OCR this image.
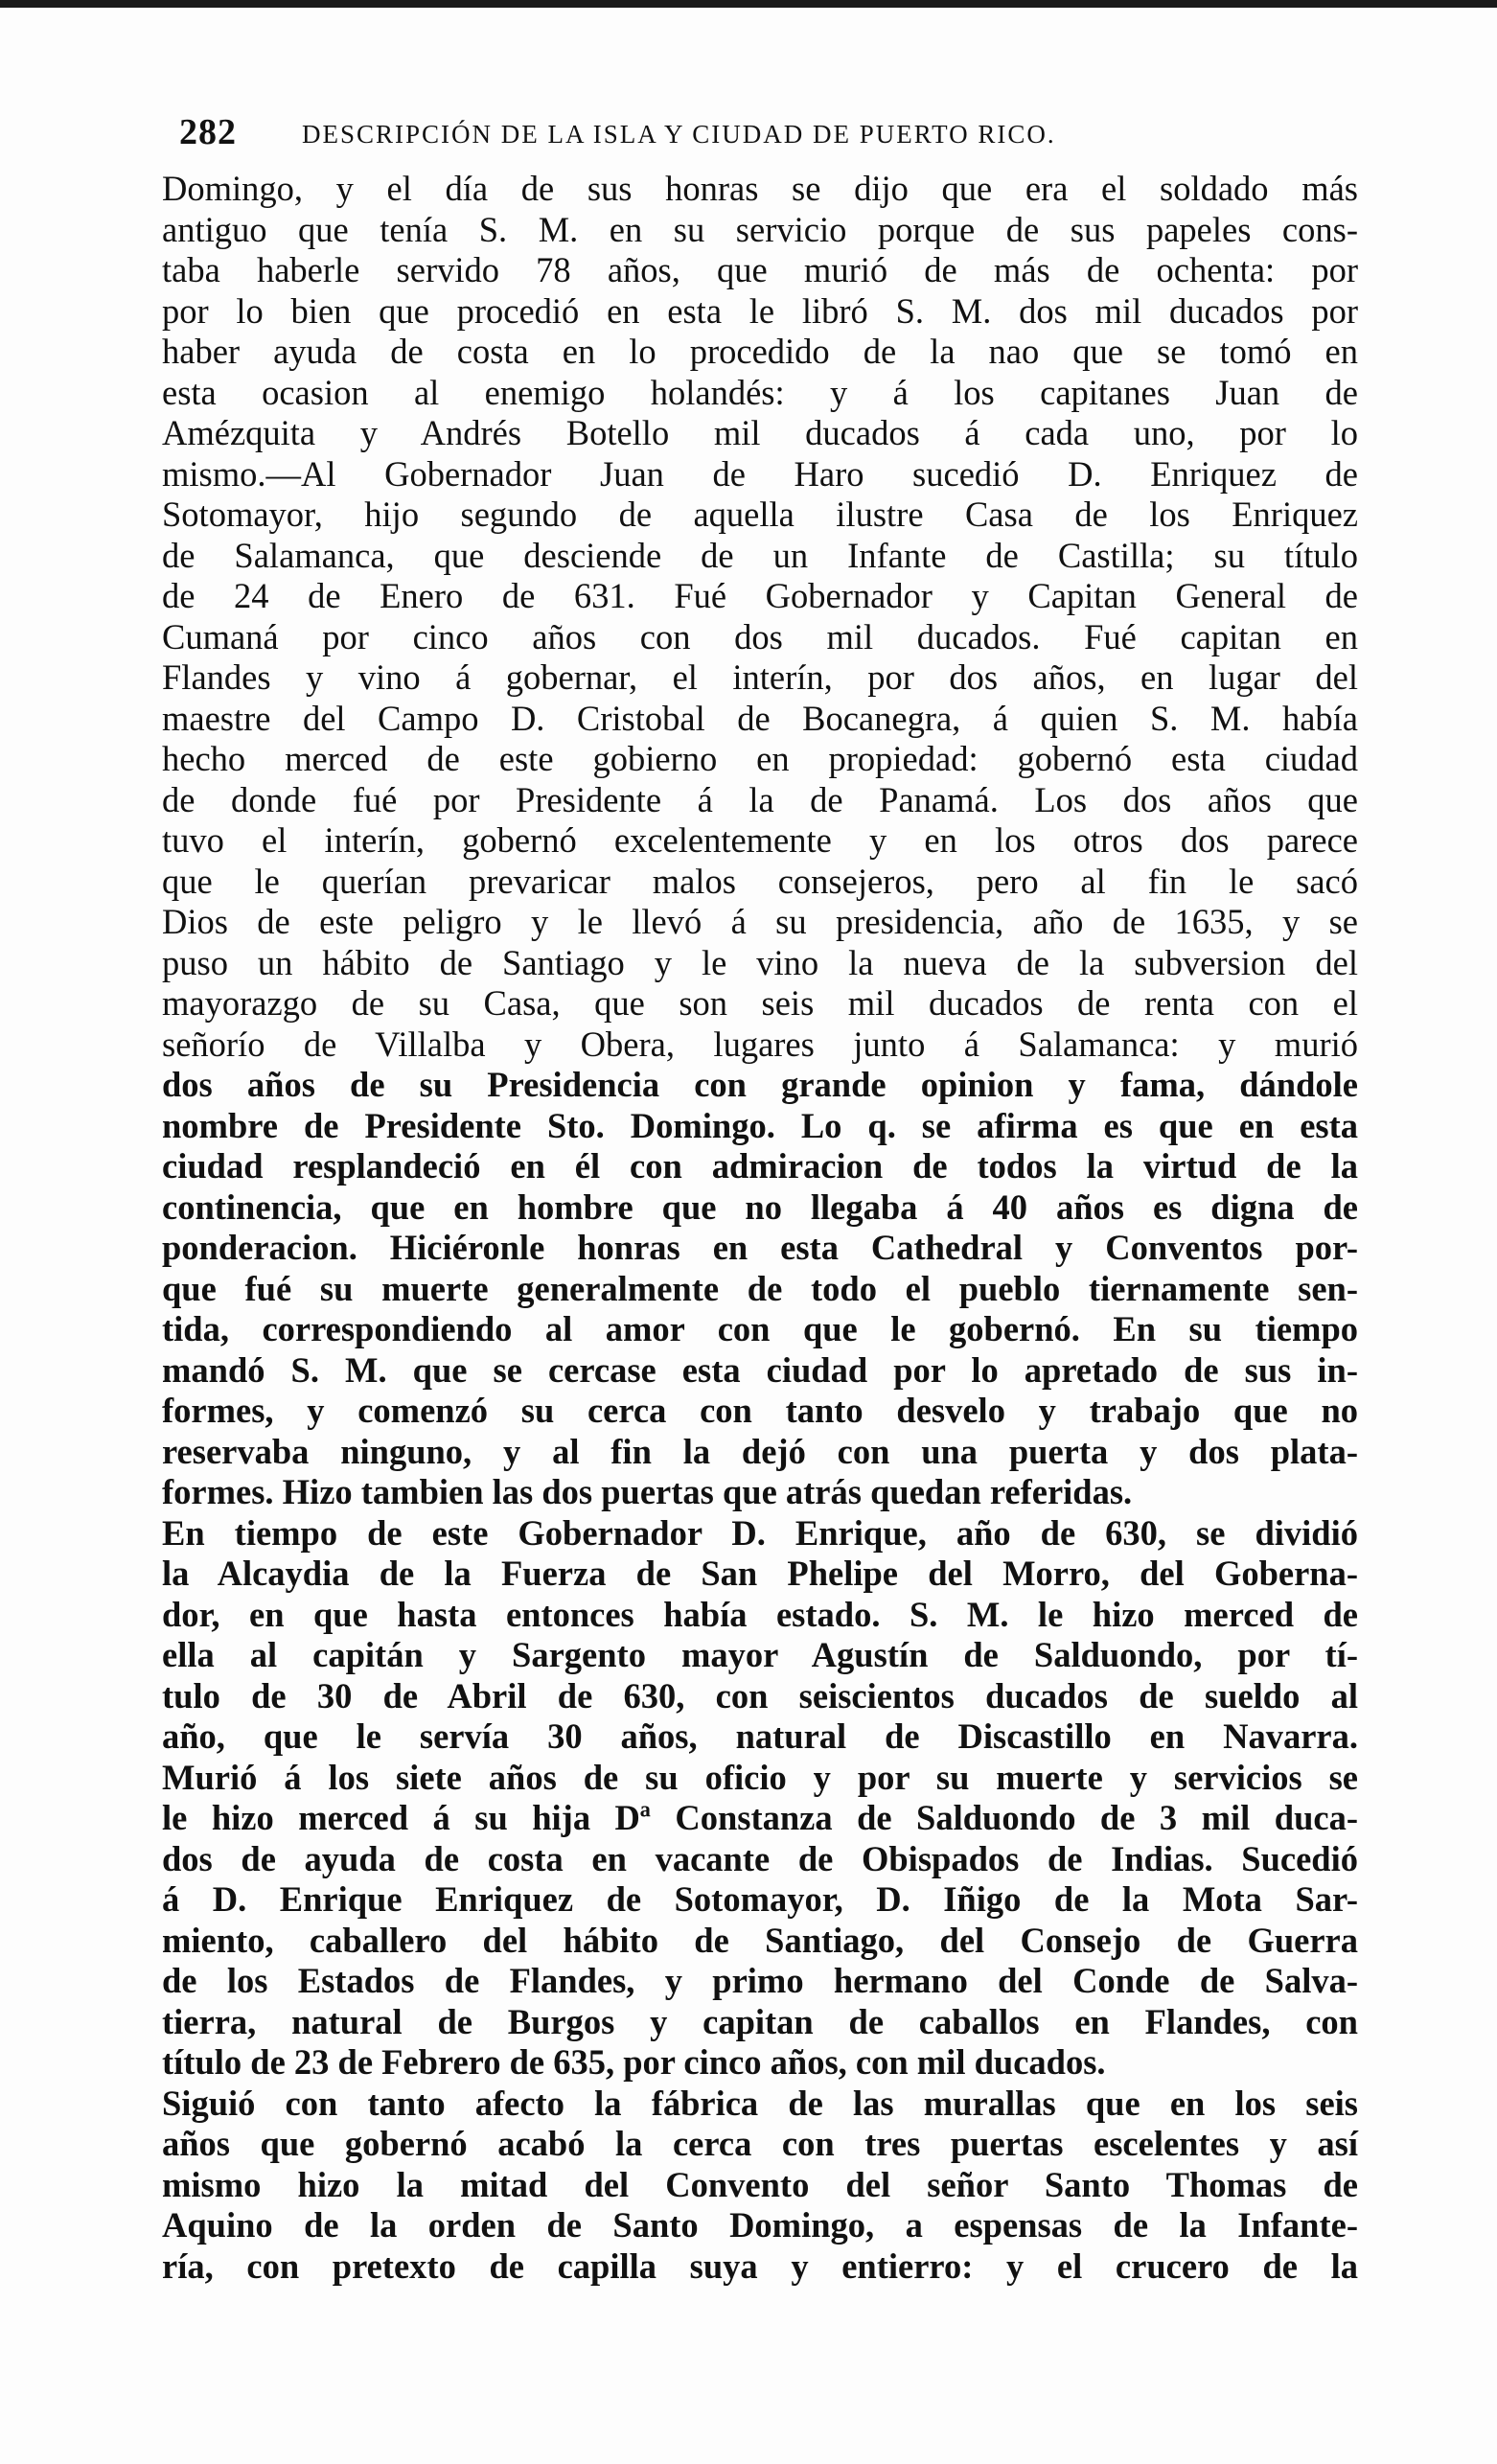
282	DESCRIPCIÓN DE LA ISLA Y CIUDAD DE PUERTO RICO.
Domingo, y el día de sus honras se dijo que era el soldado más
antiguo que tenía S. M. en su servicio porque de sus papeles cons-
taba haberle servido 78 años, que murió de más de ochenta: por
por lo bien que procedió en esta le libró S. M. dos mil ducados por
haber ayuda de costa en lo procedido de la nao que se tomó en
esta ocasion al enemigo holandés: y á los capitanes Juan de
Amézquita y Andrés Botello mil ducados á cada uno, por lo
mismo.—Al Gobernador Juan de Haro sucedió D. Enriquez de
Sotomayor, hijo segundo de aquella ilustre Casa de los Enriquez
de Salamanca, que desciende de un Infante de Castilla; su título
de 24 de Enero de 631. Fué Gobernador y Capitan General de
Cumaná por cinco años con dos mil ducados. Fué capitan en
Flandes y vino á gobernar, el interín, por dos años, en lugar del
maestre del Campo D. Cristobal de Bocanegra, á quien S. M. había
hecho merced de este gobierno en propiedad: gobernó esta ciudad
de donde fué por Presidente á la de Panamá. Los dos años que
tuvo el interín, gobernó excelentemente y en los otros dos parece
que le querían prevaricar malos consejeros, pero al fin le sacó
Dios de este peligro y le llevó á su presidencia, año de 1635, y se
puso un hábito de Santiago y le vino la nueva de la subversion del
mayorazgo de su Casa, que son seis mil ducados de renta con el
señorío de Villalba y Obera, lugares junto á Salamanca: y murió
dos años de su Presidencia con grande opinion y fama, dándole
nombre de Presidente Sto. Domingo. Lo q. se afirma es que en esta
ciudad resplandeció en él con admiracion de todos la virtud de la
continencia, que en hombre que no llegaba á 40 años es digna de
ponderacion. Hiciéronle honras en esta Cathedral y Conventos por-
que fué su muerte generalmente de todo el pueblo tiernamente sen-
tida, correspondiendo al amor con que le gobernó. En su tiempo
mandó S. M. que se cercase esta ciudad por lo apretado de sus in-
formes, y comenzó su cerca con tanto desvelo y trabajo que no
reservaba ninguno, y al fin la dejó con una puerta y dos plata-
formes. Hizo tambien las dos puertas que atrás quedan referidas.
En tiempo de este Gobernador D. Enrique, año de 630, se dividió
la Alcaydia de la Fuerza de San Phelipe del Morro, del Goberna-
dor, en que hasta entonces había estado. S. M. le hizo merced de
ella al capitán y Sargento mayor Agustín de Salduondo, por tí-
tulo de 30 de Abril de 630, con seiscientos ducados de sueldo al
año, que le servía 30 años, natural de Discastillo en Navarra.
Murió á los siete años de su oficio y por su muerte y servicios se
le hizo merced á su hija Dª Constanza de Salduondo de 3 mil duca-
dos de ayuda de costa en vacante de Obispados de Indias. Sucedió
á D. Enrique Enriquez de Sotomayor, D. Iñigo de la Mota Sar-
miento, caballero del hábito de Santiago, del Consejo de Guerra
de los Estados de Flandes, y primo hermano del Conde de Salva-
tierra, natural de Burgos y capitan de caballos en Flandes, con
título de 23 de Febrero de 635, por cinco años, con mil ducados.
Siguió con tanto afecto la fábrica de las murallas que en los seis
años que gobernó acabó la cerca con tres puertas escelentes y así
mismo hizo la mitad del Convento del señor Santo Thomas de
Aquino de la orden de Santo Domingo, a espensas de la Infante-
ría, con pretexto de capilla suya y entierro: y el crucero de la
